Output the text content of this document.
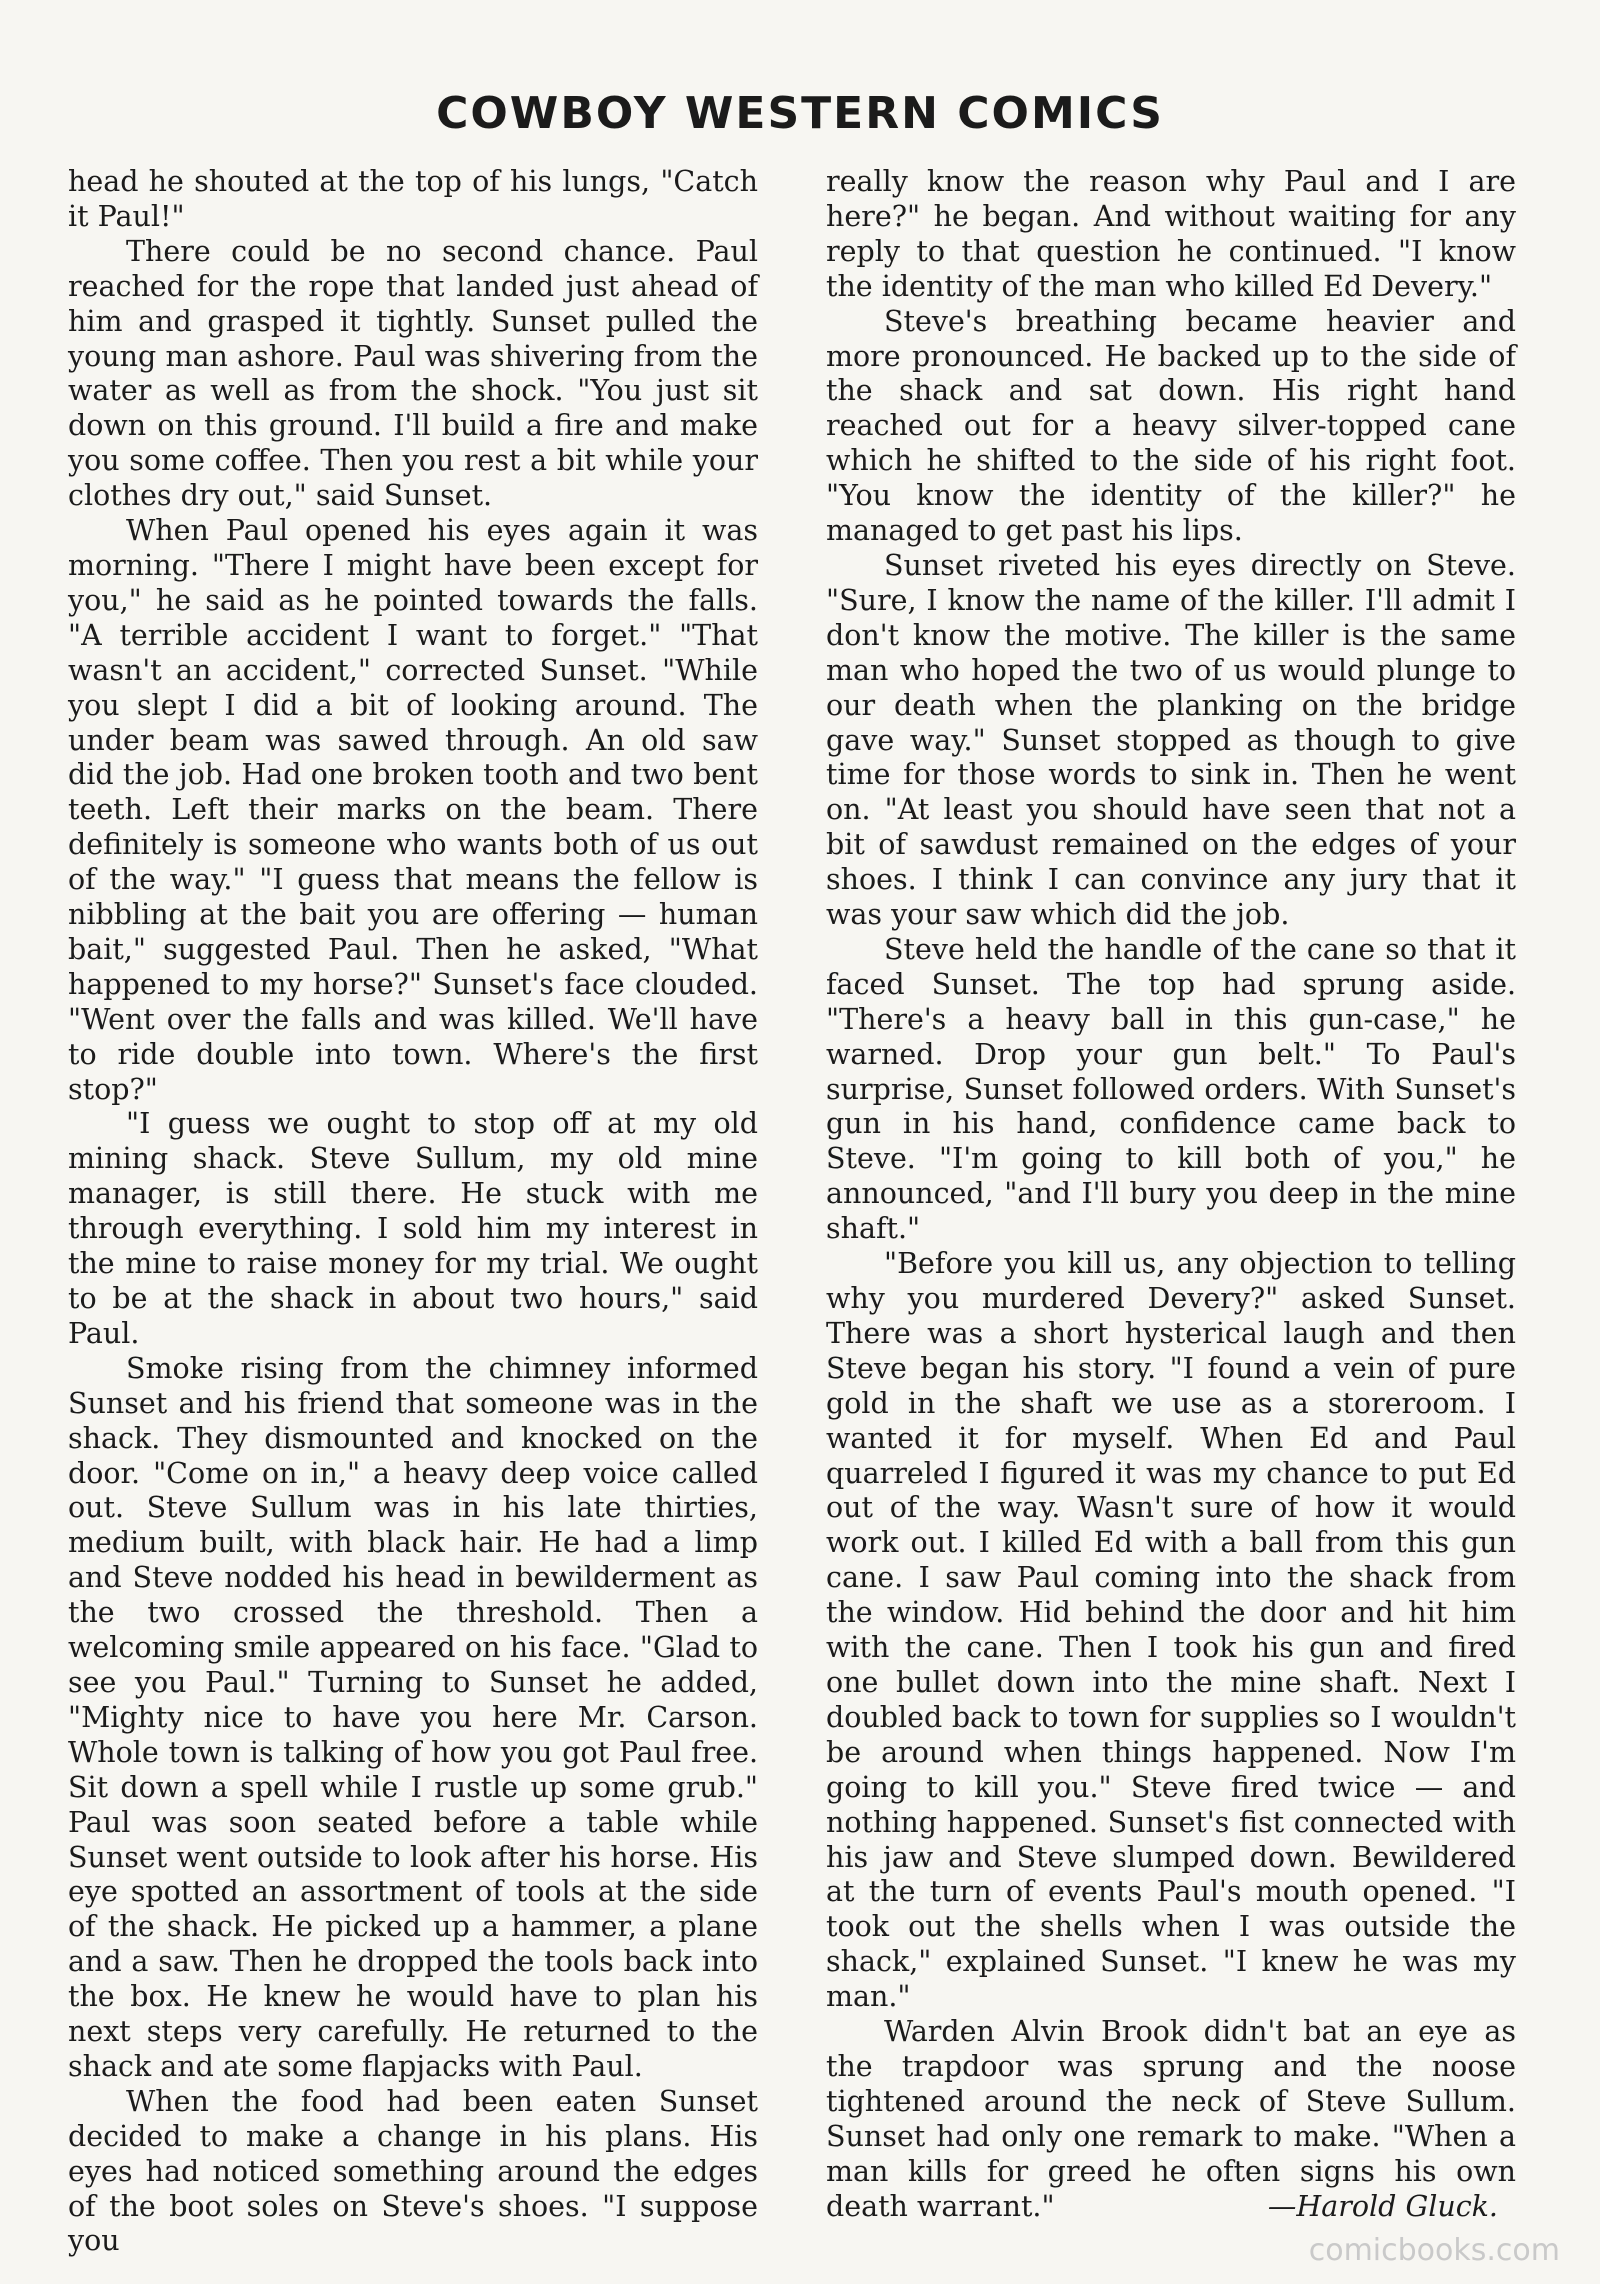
COWBOY WESTERN COMICS

head he shouted at the top of his lungs, "Catch it Paul!"

There could be no second chance. Paul reached for the rope that landed just ahead of him and grasped it tightly. Sunset pulled the young man ashore. Paul was shivering from the water as well as from the shock. "You just sit down on this ground. I'll build a fire and make you some coffee. Then you rest a bit while your clothes dry out," said Sunset.

When Paul opened his eyes again it was morning. "There I might have been except for you," he said as he pointed towards the falls. "A terrible accident I want to forget." "That wasn't an accident," corrected Sunset. "While you slept I did a bit of looking around. The under beam was sawed through. An old saw did the job. Had one broken tooth and two bent teeth. Left their marks on the beam. There definitely is someone who wants both of us out of the way." "I guess that means the fellow is nibbling at the bait you are offering — human bait," suggested Paul. Then he asked, "What happened to my horse?" Sunset's face clouded. "Went over the falls and was killed. We'll have to ride double into town. Where's the first stop?"

"I guess we ought to stop off at my old mining shack. Steve Sullum, my old mine manager, is still there. He stuck with me through everything. I sold him my interest in the mine to raise money for my trial. We ought to be at the shack in about two hours," said Paul.

Smoke rising from the chimney informed Sunset and his friend that someone was in the shack. They dismounted and knocked on the door. "Come on in," a heavy deep voice called out. Steve Sullum was in his late thirties, medium built, with black hair. He had a limp and Steve nodded his head in bewilderment as the two crossed the threshold. Then a welcoming smile appeared on his face. "Glad to see you Paul." Turning to Sunset he added, "Mighty nice to have you here Mr. Carson. Whole town is talking of how you got Paul free. Sit down a spell while I rustle up some grub." Paul was soon seated before a table while Sunset went outside to look after his horse. His eye spotted an assortment of tools at the side of the shack. He picked up a hammer, a plane and a saw. Then he dropped the tools back into the box. He knew he would have to plan his next steps very carefully. He returned to the shack and ate some flapjacks with Paul.

When the food had been eaten Sunset decided to make a change in his plans. His eyes had noticed something around the edges of the boot soles on Steve's shoes. "I suppose you

really know the reason why Paul and I are here?" he began. And without waiting for any reply to that question he continued. "I know the identity of the man who killed Ed Devery."

Steve's breathing became heavier and more pronounced. He backed up to the side of the shack and sat down. His right hand reached out for a heavy silver-topped cane which he shifted to the side of his right foot. "You know the identity of the killer?" he managed to get past his lips.

Sunset riveted his eyes directly on Steve. "Sure, I know the name of the killer. I'll admit I don't know the motive. The killer is the same man who hoped the two of us would plunge to our death when the planking on the bridge gave way." Sunset stopped as though to give time for those words to sink in. Then he went on. "At least you should have seen that not a bit of sawdust remained on the edges of your shoes. I think I can convince any jury that it was your saw which did the job.

Steve held the handle of the cane so that it faced Sunset. The top had sprung aside. "There's a heavy ball in this gun-case," he warned. Drop your gun belt." To Paul's surprise, Sunset followed orders. With Sunset's gun in his hand, confidence came back to Steve. "I'm going to kill both of you," he announced, "and I'll bury you deep in the mine shaft."

"Before you kill us, any objection to telling why you murdered Devery?" asked Sunset. There was a short hysterical laugh and then Steve began his story. "I found a vein of pure gold in the shaft we use as a storeroom. I wanted it for myself. When Ed and Paul quarreled I figured it was my chance to put Ed out of the way. Wasn't sure of how it would work out. I killed Ed with a ball from this gun cane. I saw Paul coming into the shack from the window. Hid behind the door and hit him with the cane. Then I took his gun and fired one bullet down into the mine shaft. Next I doubled back to town for supplies so I wouldn't be around when things happened. Now I'm going to kill you." Steve fired twice — and nothing happened. Sunset's fist connected with his jaw and Steve slumped down. Bewildered at the turn of events Paul's mouth opened. "I took out the shells when I was outside the shack," explained Sunset. "I knew he was my man."

Warden Alvin Brook didn't bat an eye as the trapdoor was sprung and the noose tightened around the neck of Steve Sullum. Sunset had only one remark to make. "When a man kills for greed he often signs his own death warrant."	—Harold Gluck.
comicbooks.com
